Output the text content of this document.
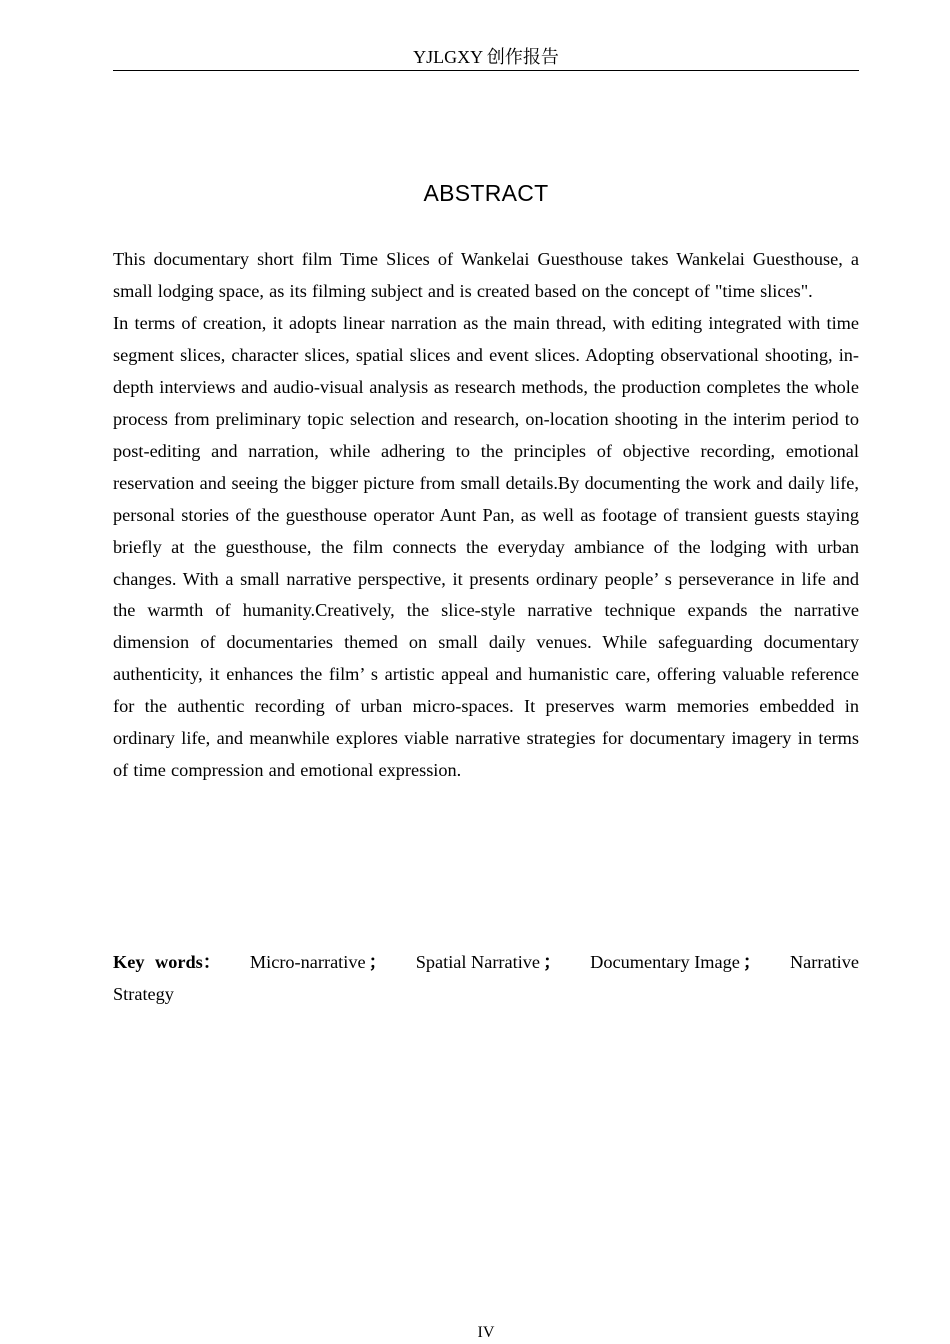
YJLGXY 创作报告
ABSTRACT

This documentary short film Time Slices of Wankelai Guesthouse takes Wankelai Guesthouse, a small lodging space, as its filming subject and is created based on the concept of "time slices".

In terms of creation, it adopts linear narration as the main thread, with editing integrated with time segment slices, character slices, spatial slices and event slices. Adopting observational shooting, in-depth interviews and audio-visual analysis as research methods, the production completes the whole process from preliminary topic selection and research, on-location shooting in the interim period to post-editing and narration, while adhering to the principles of objective recording, emotional reservation and seeing the bigger picture from small details.By documenting the work and daily life, personal stories of the guesthouse operator Aunt Pan, as well as footage of transient guests staying briefly at the guesthouse, the film connects the everyday ambiance of the lodging with urban changes. With a small narrative perspective, it presents ordinary people’ s perseverance in life and the warmth of humanity.Creatively, the slice-style narrative technique expands the narrative dimension of documentaries themed on small daily venues. While safeguarding documentary authenticity, it enhances the film’ s artistic appeal and humanistic care, offering valuable reference for the authentic recording of urban micro-spaces. It preserves warm memories embedded in ordinary life, and meanwhile explores viable narrative strategies for documentary imagery in terms of time compression and emotional expression.

Key words： Micro-narrative ； Spatial Narrative ； Documentary Image ； Narrative
Strategy
IV
